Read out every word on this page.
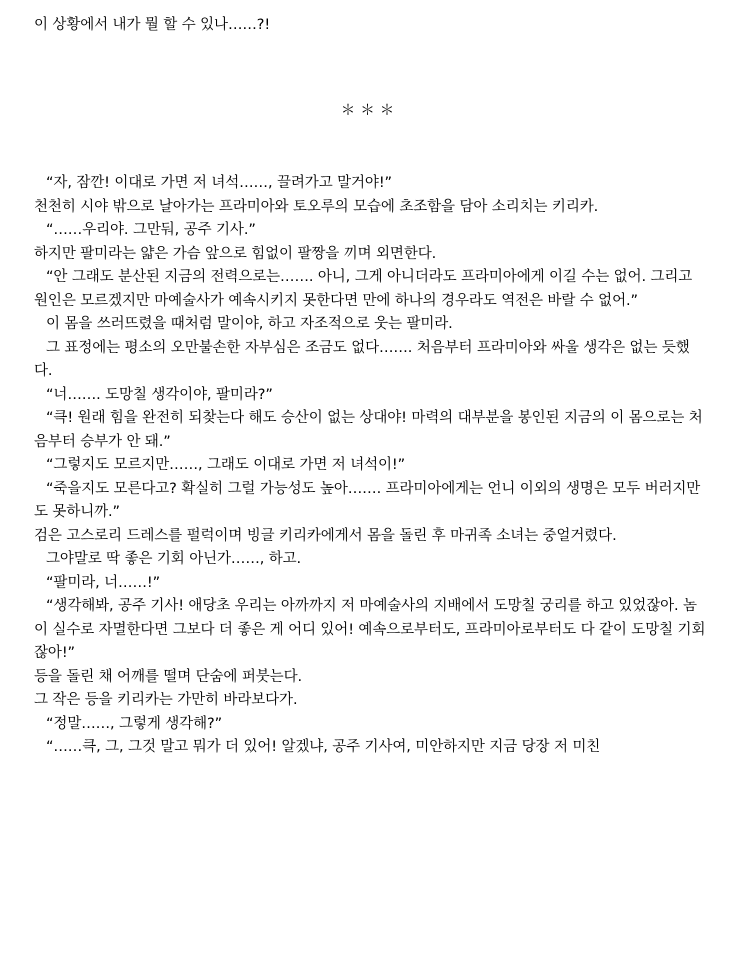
이 상황에서 내가 뭘 할 수 있나……?!

＊＊＊

“자, 잠깐! 이대로 가면 저 녀석……, 끌려가고 말거야!”

천천히 시야 밖으로 날아가는 프라미아와 토오루의 모습에 초조함을 담아 소리치는 키리카.

“……우리야. 그만둬, 공주 기사.”

하지만 팔미라는 얇은 가슴 앞으로 힘없이 팔짱을 끼며 외면한다.

“안 그래도 분산된 지금의 전력으로는……. 아니, 그게 아니더라도 프라미아에게 이길 수는 없어. 그리고 원인은 모르겠지만 마예술사가 예속시키지 못한다면 만에 하나의 경우라도 역전은 바랄 수 없어.”

이 몸을 쓰러뜨렸을 때처럼 말이야, 하고 자조적으로 웃는 팔미라.

그 표정에는 평소의 오만불손한 자부심은 조금도 없다……. 처음부터 프라미아와 싸울 생각은 없는 듯했다.

“너……. 도망칠 생각이야, 팔미라?”

“큭! 원래 힘을 완전히 되찾는다 해도 승산이 없는 상대야! 마력의 대부분을 봉인된 지금의 이 몸으로는 처음부터 승부가 안 돼.”

“그렇지도 모르지만……, 그래도 이대로 가면 저 녀석이!”

“죽을지도 모른다고? 확실히 그럴 가능성도 높아……. 프라미아에게는 언니 이외의 생명은 모두 버러지만도 못하니까.”

검은 고스로리 드레스를 펄럭이며 빙글 키리카에게서 몸을 돌린 후 마귀족 소녀는 중얼거렸다.

그야말로 딱 좋은 기회 아닌가……, 하고.

“팔미라, 너……!”

“생각해봐, 공주 기사! 애당초 우리는 아까까지 저 마예술사의 지배에서 도망칠 궁리를 하고 있었잖아. 놈이 실수로 자멸한다면 그보다 더 좋은 게 어디 있어! 예속으로부터도, 프라미아로부터도 다 같이 도망칠 기회잖아!”

등을 돌린 채 어깨를 떨며 단숨에 퍼붓는다.

그 작은 등을 키리카는 가만히 바라보다가.

“정말……, 그렇게 생각해?”

“……큭, 그, 그것 말고 뭐가 더 있어! 알겠냐, 공주 기사여, 미안하지만 지금 당장 저 미친
